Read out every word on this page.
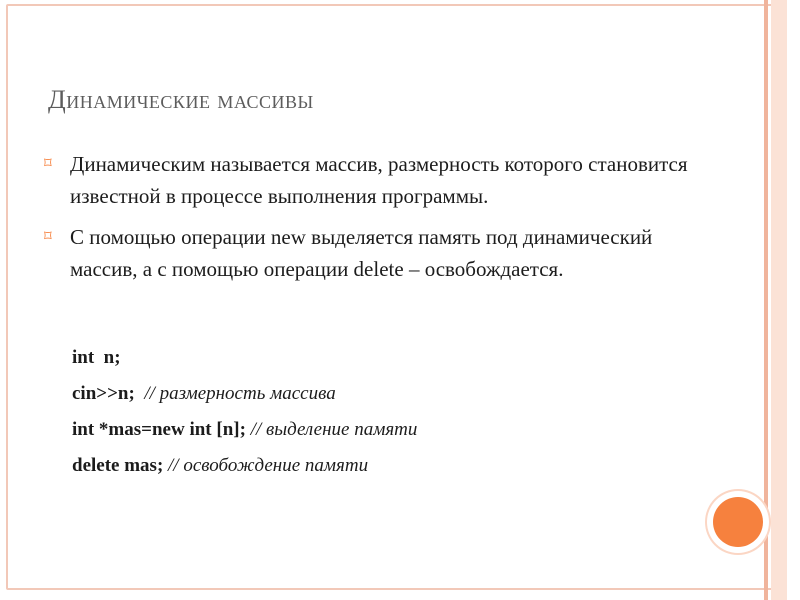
Динамические массивы
⌑ Динамическим называется массив, размерность которого становится известной в процессе выполнения программы.
⌑ С помощью операции new выделяется память под динамический массив, а с помощью операции delete – освобождается.
int  n;
cin>>n;  // размерность массива
int *mas=new int [n]; // выделение памяти
delete mas; // освобождение памяти
